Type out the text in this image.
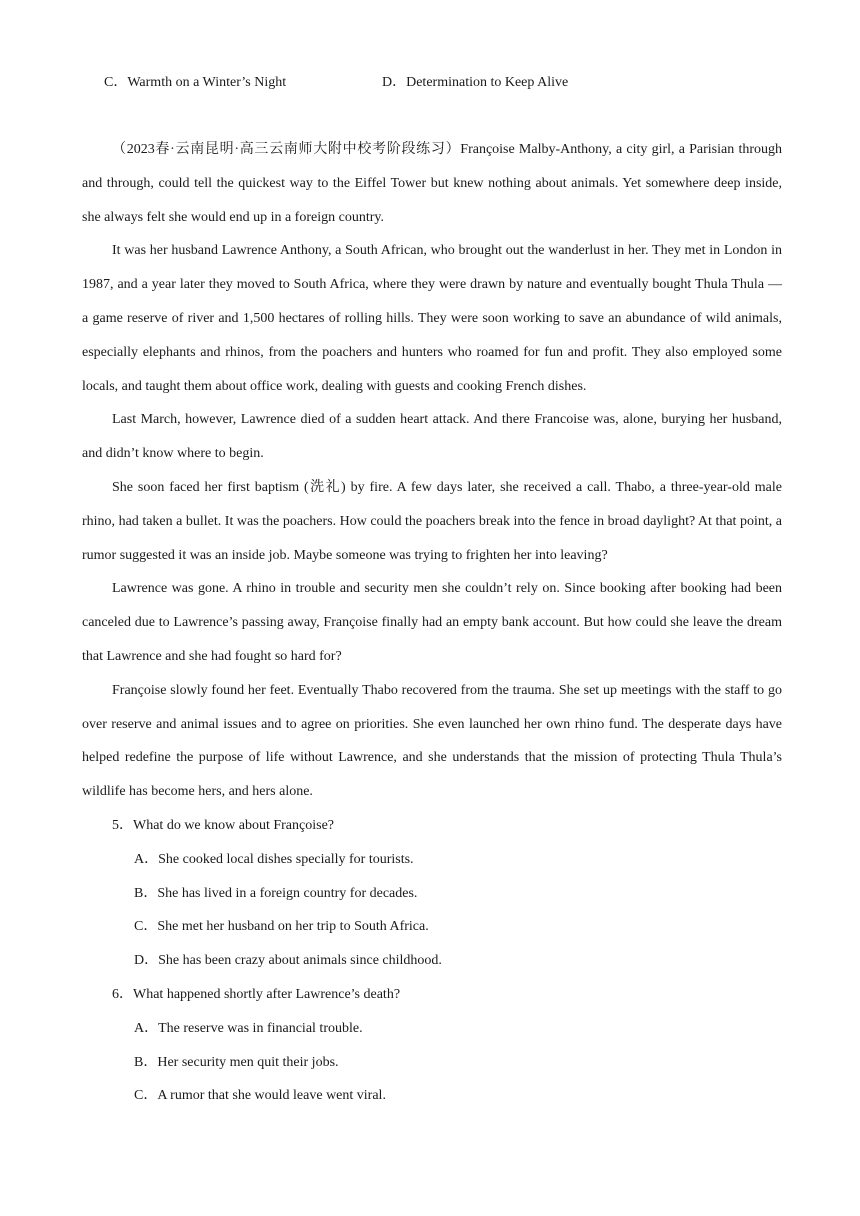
C．Warmth on a Winter’s Night	D．Determination to Keep Alive

（2023春·云南昆明·高三云南师大附中校考阶段练习）Françoise Malby-Anthony, a city girl, a Parisian through and through, could tell the quickest way to the Eiffel Tower but knew nothing about animals. Yet somewhere deep inside, she always felt she would end up in a foreign country.

It was her husband Lawrence Anthony, a South African, who brought out the wanderlust in her. They met in London in 1987, and a year later they moved to South Africa, where they were drawn by nature and eventually bought Thula Thula — a game reserve of river and 1,500 hectares of rolling hills. They were soon working to save an abundance of wild animals, especially elephants and rhinos, from the poachers and hunters who roamed for fun and profit. They also employed some locals, and taught them about office work, dealing with guests and cooking French dishes.

Last March, however, Lawrence died of a sudden heart attack. And there Francoise was, alone, burying her husband, and didn’t know where to begin.

She soon faced her first baptism (洗礼) by fire. A few days later, she received a call. Thabo, a three-year-old male rhino, had taken a bullet. It was the poachers. How could the poachers break into the fence in broad daylight? At that point, a rumor suggested it was an inside job. Maybe someone was trying to frighten her into leaving?

Lawrence was gone. A rhino in trouble and security men she couldn’t rely on. Since booking after booking had been canceled due to Lawrence’s passing away, Françoise finally had an empty bank account. But how could she leave the dream that Lawrence and she had fought so hard for?

Françoise slowly found her feet. Eventually Thabo recovered from the trauma. She set up meetings with the staff to go over reserve and animal issues and to agree on priorities. She even launched her own rhino fund. The desperate days have helped redefine the purpose of life without Lawrence, and she understands that the mission of protecting Thula Thula’s wildlife has become hers, and hers alone.

5．What do we know about Françoise?

A．She cooked local dishes specially for tourists.

B．She has lived in a foreign country for decades.

C．She met her husband on her trip to South Africa.

D．She has been crazy about animals since childhood.

6．What happened shortly after Lawrence’s death?

A．The reserve was in financial trouble.

B．Her security men quit their jobs.

C．A rumor that she would leave went viral.
